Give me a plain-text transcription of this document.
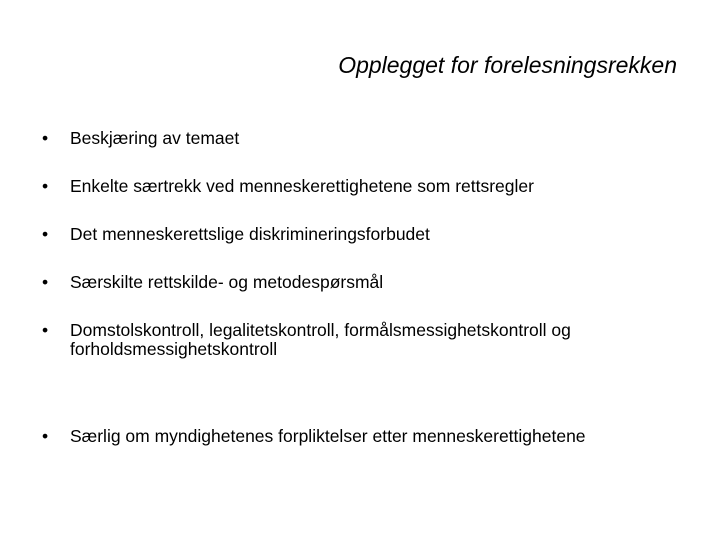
Opplegget for forelesningsrekken
•	Beskjæring av temaet
•	Enkelte særtrekk ved menneskerettighetene som rettsregler
•	Det menneskerettslige diskrimineringsforbudet
•	Særskilte rettskilde- og metodespørsmål
•	Domstolskontroll, legalitetskontroll, formålsmessighetskontroll og forholdsmessighetskontroll
•	Særlig om myndighetenes forpliktelser etter menneskerettighetene
